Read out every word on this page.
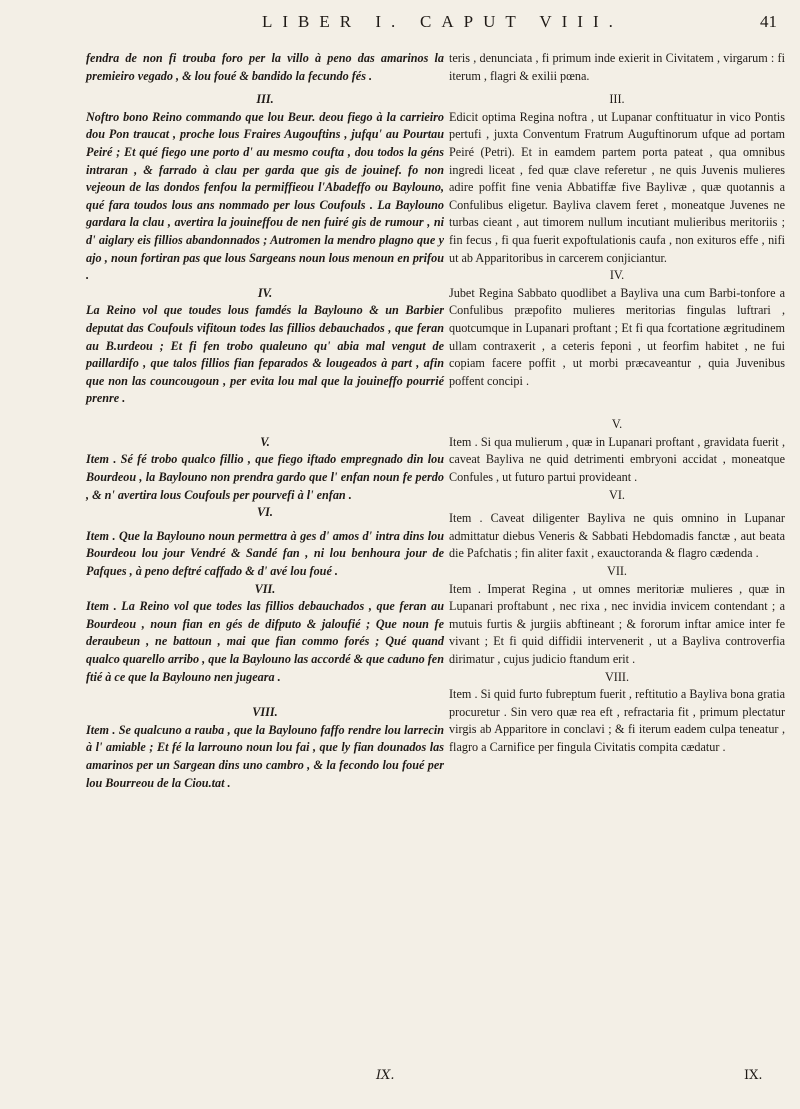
LIBER I. CAPUT VIII.	41

fendra de non fi trouba foro per la villo à peno das amarinos la premieiro vegado , & lou foué & bandido la fecundo fés .

III.

Noftro bono Reino commando que lou Beur. deou fiego à la carrieiro dou Pon traucat , proche lous Fraires Augouftins , jufqu' au Pourtau Peiré ; Et qué fiego une porto d' au mesmo coufta , dou todos la géns intraran , & farrado à clau per garda que gis de jouinef. fo non vejeoun de las dondos fenfou la permiffieou l'Abadeffo ou Baylouno, qué fara toudos lous ans nommado per lous Coufouls . La Baylouno gardara la clau , avertira la jouineffou de nen fuiré gis de rumour , ni d' aiglary eis fillios abandonnados ; Autromen la mendro plagno que y ajo , noun fortiran pas que lous Sargeans noun lous menoun en prifou .

IV.

La Reino vol que toudes lous famdés la Baylouno & un Barbier deputat das Coufouls vifitoun todes las fillios debauchados , que feran au B.urdeou ; Et fi fen trobo qualeuno qu' abia mal vengut de paillardifo , que talos fillios fian feparados & lougeados à part , afin que non las councougoun , per evita lou mal que la jouineffo pourrié prenre .

V.

Item . Sé fé trobo qualco fillio , que fiego iftado empregnado din lou Bourdeou , la Baylouno non prendra gardo que l' enfan noun fe perdo , & n' avertira lous Coufouls per pourvefi à l' enfan .

VI.

Item . Que la Baylouno noun permettra à ges d' amos d' intra dins lou Bourdeou lou jour Vendré & Sandé fan , ni lou benhoura jour de Pafques , à peno deftré caffado & d' avé lou foué .

VII.

Item . La Reino vol que todes las fillios debauchados , que feran au Bourdeou , noun fian en gés de difputo & jaloufié ; Que noun fe deraubeun , ne battoun , mai que fian commo forés ; Qué quand qualco quarello arribo , que la Baylouno las accordé & que caduno fen ftié à ce que la Baylouno nen jugeara .

VIII.

Item . Se qualcuno a rauba , que la Baylouno faffo rendre lou larrecin à l' amiable ; Et fé la larrouno noun lou fai , que ly fian dounados las amarinos per un Sargean dins uno cambro , & la fecondo lou foué per lou Bourreou de la Ciou.tat .

teris , denunciata , fi primum inde exierit in Civitatem , virgarum : fi iterum , flagri & exilii pœna.

III.

Edicit optima Regina noftra , ut Lupanar conftituatur in vico Pontis pertufi , juxta Conventum Fratrum Auguftinorum ufque ad portam Peiré (Petri). Et in eamdem partem porta pateat , qua omnibus ingredi liceat , fed quæ clave referetur , ne quis Juvenis mulieres adire poffit fine venia Abbatiffæ five Baylivæ , quæ quotannis a Confulibus eligetur. Bayliva clavem feret , moneatque Juvenes ne turbas cieant , aut timorem nullum incutiant mulieribus meritoriis ; fin fecus , fi qua fuerit expoftulationis caufa , non exituros effe , nifi ut ab Apparitoribus in carcerem conjiciantur.

IV.

Jubet Regina Sabbato quodlibet a Bayliva una cum Barbi-tonfore a Confulibus præpofito mulieres meritorias fingulas luftrari , quotcumque in Lupanari proftant ; Et fi qua fcortatione ægritudinem ullam contraxerit , a ceteris feponi , ut feorfim habitet , ne fui copiam facere poffit , ut morbi præcaveantur , quia Juvenibus poffent concipi .

V.

Item . Si qua mulierum , quæ in Lupanari proftant , gravidata fuerit , caveat Bayliva ne quid detrimenti embryoni accidat , moneatque Confules , ut futuro partui provideant .

VI.

Item . Caveat diligenter Bayliva ne quis omnino in Lupanar admittatur diebus Veneris & Sabbati Hebdomadis fanctæ , aut beata die Pafchatis ; fin aliter faxit , exauctoranda & flagro cædenda .

VII.

Item . Imperat Regina , ut omnes meritoriæ mulieres , quæ in Lupanari proftabunt , nec rixa , nec invidia invicem contendant ; a mutuis furtis & jurgiis abftineant ; & fororum inftar amice inter fe vivant ; Et fi quid diffidii intervenerit , ut a Bayliva controverfia dirimatur , cujus judicio ftandum erit .

VIII.

Item . Si quid furto fubreptum fuerit , reftitutio a Bayliva bona gratia procuretur . Sin vero quæ rea eft , refractaria fit , primum plectatur virgis ab Apparitore in conclavi ; & fi iterum eadem culpa teneatur , flagro a Carnifice per fingula Civitatis compita cædatur .

IX.	IX.
